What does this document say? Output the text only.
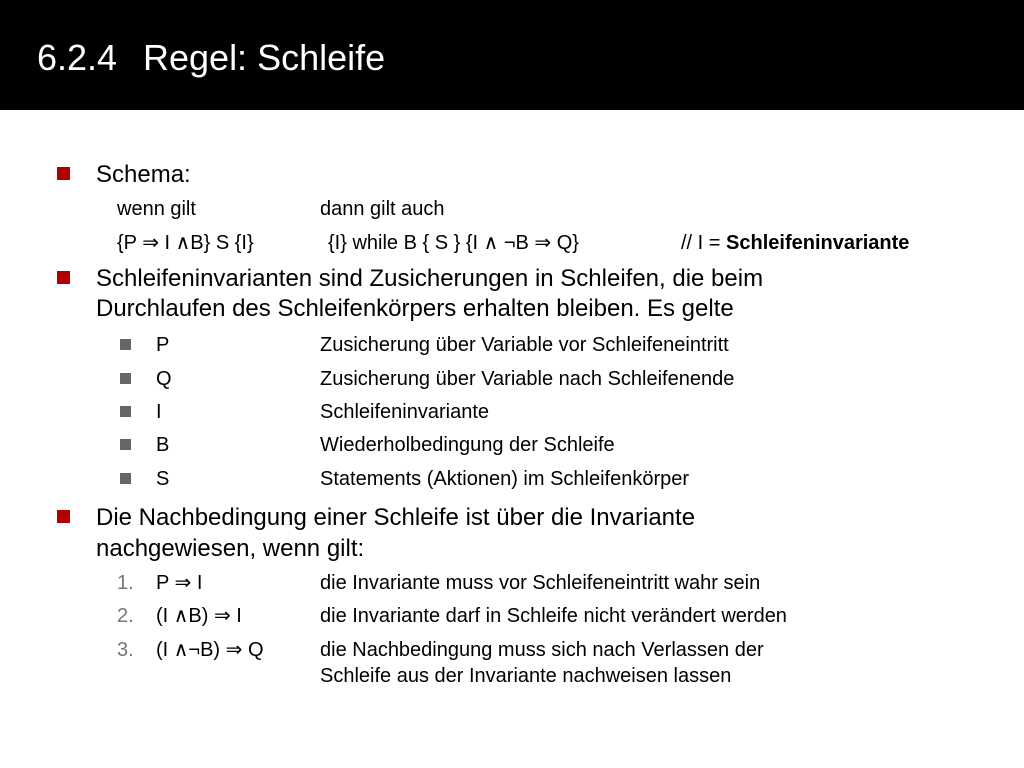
6.2.4 Regel: Schleife
Schema:
wenn gilt	dann gilt auch
{P ⇒ I ∧B} S {I}	{I} while B { S } {I ∧ ¬B ⇒ Q}	// I = Schleifeninvariante
Schleifeninvarianten sind Zusicherungen in Schleifen, die beim
Durchlaufen des Schleifenkörpers erhalten bleiben. Es gelte
P	Zusicherung über Variable vor Schleifeneintritt
Q	Zusicherung über Variable nach Schleifenende
I	Schleifeninvariante
B	Wiederholbedingung der Schleife
S	Statements (Aktionen) im Schleifenkörper
Die Nachbedingung einer Schleife ist über die Invariante
nachgewiesen, wenn gilt:
1. P ⇒ I	die Invariante muss vor Schleifeneintritt wahr sein
2. (I ∧B) ⇒ I	die Invariante darf in Schleife nicht verändert werden
3. (I ∧¬B) ⇒ Q	die Nachbedingung muss sich nach Verlassen der
Schleife aus der Invariante nachweisen lassen
